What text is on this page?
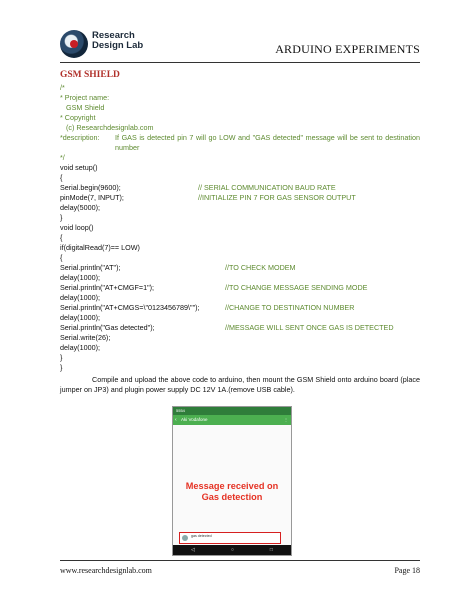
Research
Design Lab	ARDUINO EXPERIMENTS
GSM SHIELD
/*
* Project name:
GSM Shield
* Copyright
(c) Researchdesignlab.com
*description:	If GAS is detected pin 7 will go LOW and "GAS detected" message will be sent to destination number
*/
void setup()
{
Serial.begin(9600);	// SERIAL COMMUNICATION BAUD RATE
pinMode(7, INPUT);	//INITIALIZE PIN 7 FOR GAS SENSOR OUTPUT
delay(5000);
}
void loop()
{
if(digitalRead(7)== LOW)
{
Serial.println("AT");	//TO CHECK MODEM
delay(1000);
Serial.println("AT+CMGF=1");	//TO CHANGE MESSAGE SENDING MODE
delay(1000);
Serial.println("AT+CMGS=\"0123456789\"");	//CHANGE TO DESTINATION NUMBER
delay(1000);
Serial.println("Gas detected");	//MESSAGE WILL SENT ONCE GAS IS DETECTED
Serial.write(26);
delay(1000);
}
}
Compile and upload the above code to arduino, then mount the GSM Shield onto arduino board (place jumper on JP3) and plugin power supply DC 12V 1A.(remove USB cable).
5554
‹ Aki Vodafone	⋮
Message received on
Gas detection
gas detected
◁	○	□
www.researchdesignlab.com	Page 18
